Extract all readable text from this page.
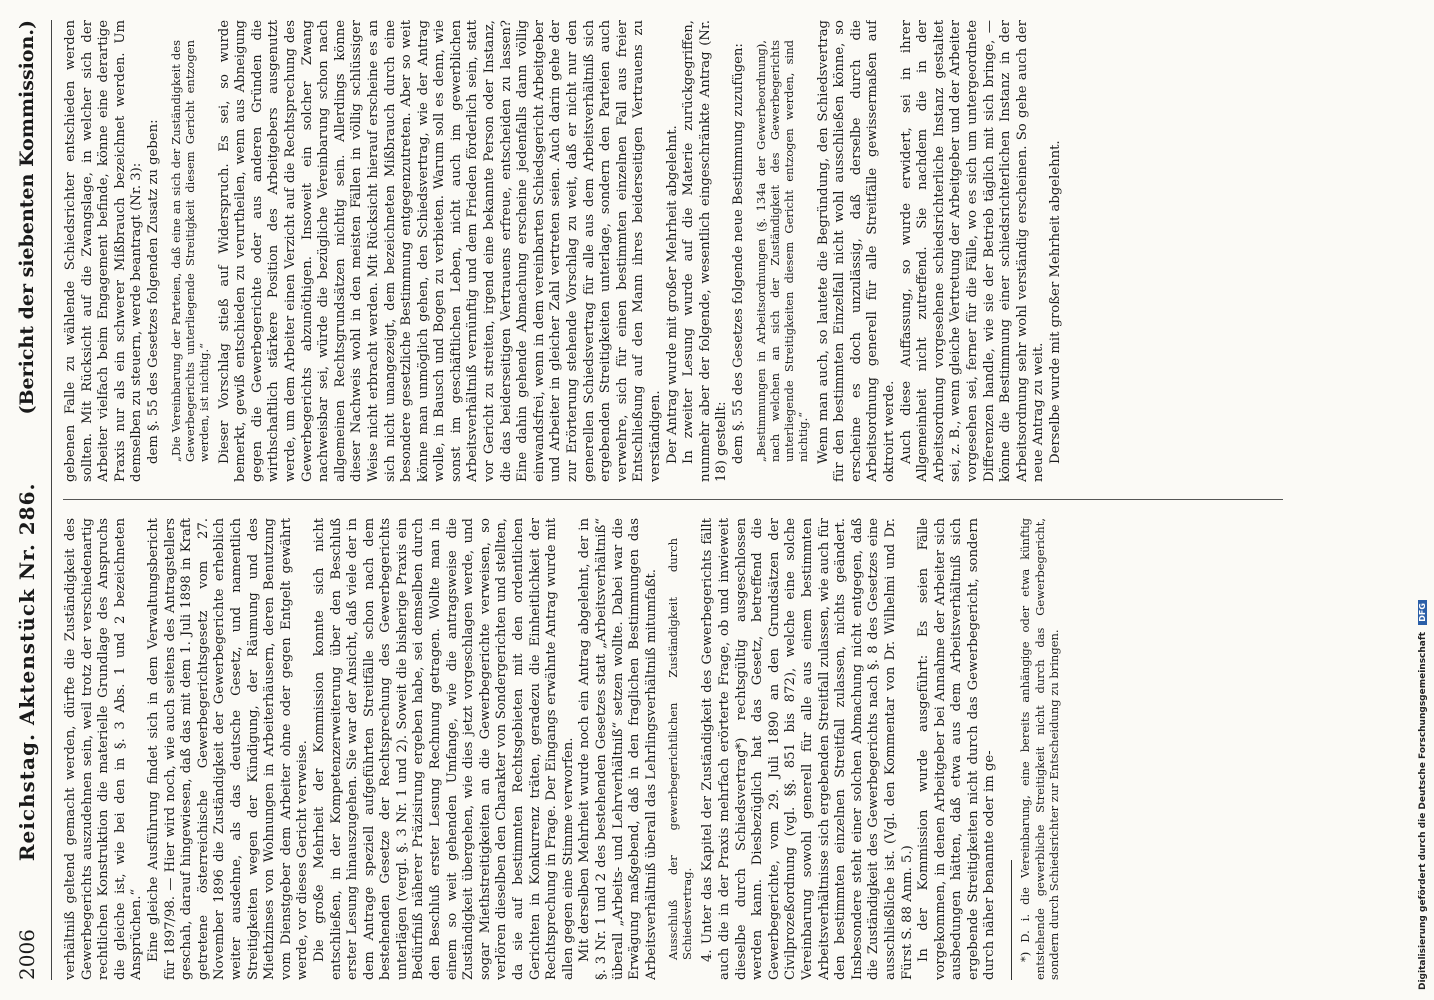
2006
Reichstag. Aktenstück Nr. 286.
(Bericht der siebenten Kommission.)

verhältniß geltend gemacht werden, dürfte die Zuständigkeit des Gewerbegerichts auszudehnen sein, weil trotz der verschiedenartig rechtlichen Konstruktion die materielle Grundlage des Anspruchs die gleiche ist, wie bei den in §. 3 Abs. 1 und 2 bezeichneten Ansprüchen.“ Eine gleiche Ausführung findet sich in dem Verwaltungsbericht für 1897/98. — Hier wird noch, wie auch seitens des Antragstellers geschah, darauf hingewiesen, daß das mit dem 1. Juli 1898 in Kraft getretene österreichische Gewerbegerichtsgesetz vom 27. November 1896 die Zuständigkeit der Gewerbegerichte erheblich weiter ausdehne, als das deutsche Gesetz, und namentlich Streitigkeiten wegen der Kündigung, der Räumung und des Miethzinses von Wohnungen in Arbeiterhäusern, deren Benutzung vom Dienstgeber dem Arbeiter ohne oder gegen Entgelt gewährt werde, vor dieses Gericht verweise. Die große Mehrheit der Kommission konnte sich nicht entschließen, in der Kompetenzerweiterung über den Beschluß erster Lesung hinauszugehen. Sie war der Ansicht, daß viele der in dem Antrage speziell aufgeführten Streitfälle schon nach dem bestehenden Gesetze der Rechtsprechung des Gewerbegerichts unterlägen (vergl. §. 3 Nr. 1 und 2). Soweit die bisherige Praxis ein Bedürfniß näherer Präzisirung ergeben habe, sei demselben durch den Beschluß erster Lesung Rechnung getragen. Wollte man in einem so weit gehenden Umfange, wie die antragsweise die Zuständigkeit übergehen, wie dies jetzt vorgeschlagen werde, und sogar Miethstreitigkeiten an die Gewerbegerichte verweisen, so verlören dieselben den Charakter von Sondergerichten und stellten, da sie auf bestimmten Rechtsgebieten mit den ordentlichen Gerichten in Konkurrenz träten, geradezu die Einheitlichkeit der Rechtsprechung in Frage. Der Eingangs erwähnte Antrag wurde mit allen gegen eine Stimme verworfen. Mit derselben Mehrheit wurde noch ein Antrag abgelehnt, der in §. 3 Nr. 1 und 2 des bestehenden Gesetzes statt „Arbeitsverhältniß“ überall „Arbeits- und Lehrverhältniß“ setzen wollte. Dabei war die Erwägung maßgebend, daß in den fraglichen Bestimmungen das Arbeitsverhältniß überall das Lehrlingsverhältniß mitumfaßt. Ausschluß der gewerbegerichtlichen Zuständigkeit durch Schiedsvertrag. 4. Unter das Kapitel der Zuständigkeit des Gewerbegerichts fällt auch die in der Praxis mehrfach erörterte Frage, ob und inwieweit dieselbe durch Schiedsvertrag*) rechtsgültig ausgeschlossen werden kann. Diesbezüglich hat das Gesetz, betreffend die Gewerbegerichte, vom 29. Juli 1890 an den Grundsätzen der Civilprozeßordnung (vgl. §§. 851 bis 872), welche eine solche Vereinbarung sowohl generell für alle aus einem bestimmten Arbeitsverhältnisse sich ergebenden Streitfall zulassen, wie auch für den bestimmten einzelnen Streitfall zulassen, nichts geändert. Insbesondere steht einer solchen Abmachung nicht entgegen, daß die Zuständigkeit des Gewerbegerichts nach §. 8 des Gesetzes eine ausschließliche ist. (Vgl. den Kommentar von Dr. Wilhelmi und Dr. Fürst S. 88 Anm. 5.) In der Kommission wurde ausgeführt: Es seien Fälle vorgekommen, in denen Arbeitgeber bei Annahme der Arbeiter sich ausbedungen hätten, daß etwa aus dem Arbeitsverhältniß sich ergebende Streitigkeiten nicht durch das Gewerbegericht, sondern durch näher benannte oder im ge- *) D. i. die Vereinbarung, eine bereits anhängige oder etwa künftig entstehende gewerbliche Streitigkeit nicht durch das Gewerbegericht, sondern durch Schiedsrichter zur Entscheidung zu bringen.

gebenen Falle zu wählende Schiedsrichter entschieden werden sollten. Mit Rücksicht auf die Zwangslage, in welcher sich der Arbeiter vielfach beim Engagement befinde, könne eine derartige Praxis nur als ein schwerer Mißbrauch bezeichnet werden. Um demselben zu steuern, werde beantragt (Nr. 3): dem §. 55 des Gesetzes folgenden Zusatz zu geben: „Die Vereinbarung der Parteien, daß eine an sich der Zuständigkeit des Gewerbegerichts unterliegende Streitigkeit diesem Gericht entzogen werden, ist nichtig.“ Dieser Vorschlag stieß auf Widerspruch. Es sei, so wurde bemerkt, gewiß entschieden zu verurtheilen, wenn aus Abneigung gegen die Gewerbegerichte oder aus anderen Gründen die wirthschaftlich stärkere Position des Arbeitgebers ausgenutzt werde, um dem Arbeiter einen Verzicht auf die Rechtsprechung des Gewerbegerichts abzunöthigen. Insoweit ein solcher Zwang nachweisbar sei, würde die bezügliche Vereinbarung schon nach allgemeinen Rechtsgrundsätzen nichtig sein. Allerdings könne dieser Nachweis wohl in den meisten Fällen in völlig schlüssiger Weise nicht erbracht werden. Mit Rücksicht hierauf erscheine es an sich nicht unangezeigt, dem bezeichneten Mißbrauch durch eine besondere gesetzliche Bestimmung entgegenzutreten. Aber so weit könne man unmöglich gehen, den Schiedsvertrag, wie der Antrag wolle, in Bausch und Bogen zu verbieten. Warum soll es denn, wie sonst im geschäftlichen Leben, nicht auch im gewerblichen Arbeitsverhältniß vernünftig und dem Frieden förderlich sein, statt vor Gericht zu streiten, irgend eine bekannte Person oder Instanz, die das beiderseitigen Vertrauens erfreue, entscheiden zu lassen? Eine dahin gehende Abmachung erscheine jedenfalls dann völlig einwandsfrei, wenn in dem vereinbarten Schiedsgericht Arbeitgeber und Arbeiter in gleicher Zahl vertreten seien. Auch darin gehe der zur Erörterung stehende Vorschlag zu weit, daß er nicht nur den generellen Schiedsvertrag für alle aus dem Arbeitsverhältniß sich ergebenden Streitigkeiten unterlage, sondern den Parteien auch verwehre, sich für einen bestimmten einzelnen Fall aus freier Entschließung auf den Mann ihres beiderseitigen Vertrauens zu verständigen. Der Antrag wurde mit großer Mehrheit abgelehnt. In zweiter Lesung wurde auf die Materie zurückgegriffen, nunmehr aber der folgende, wesentlich eingeschränkte Antrag (Nr. 18) gestellt: dem §. 55 des Gesetzes folgende neue Bestimmung zuzufügen: „Bestimmungen in Arbeitsordnungen (§. 134a der Gewerbeordnung), nach welchen an sich der Zuständigkeit des Gewerbegerichts unterliegende Streitigkeiten diesem Gericht entzogen werden, sind nichtig.“ Wenn man auch, so lautete die Begründung, den Schiedsvertrag für den bestimmten Einzelfall nicht wohl ausschließen könne, so erscheine es doch unzulässig, daß derselbe durch die Arbeitsordnung generell für alle Streitfälle gewissermaßen auf oktroirt werde. Auch diese Auffassung, so wurde erwidert, sei in ihrer Allgemeinheit nicht zutreffend. Sie nachdem die in der Arbeitsordnung vorgesehene schiedsrichterliche Instanz gestaltet sei, z. B., wenn gleiche Vertretung der Arbeitgeber und der Arbeiter vorgesehen sei, ferner für die Fälle, wo es sich um untergeordnete Differenzen handle, wie sie der Betrieb täglich mit sich bringe, — könne die Bestimmung einer schiedsrichterlichen Instanz in der Arbeitsordnung sehr wohl verständig erscheinen. So gehe auch der neue Antrag zu weit. Derselbe wurde mit großer Mehrheit abgelehnt.

Digitalisierung gefördert durch die Deutsche Forschungsgemeinschaft DFG
